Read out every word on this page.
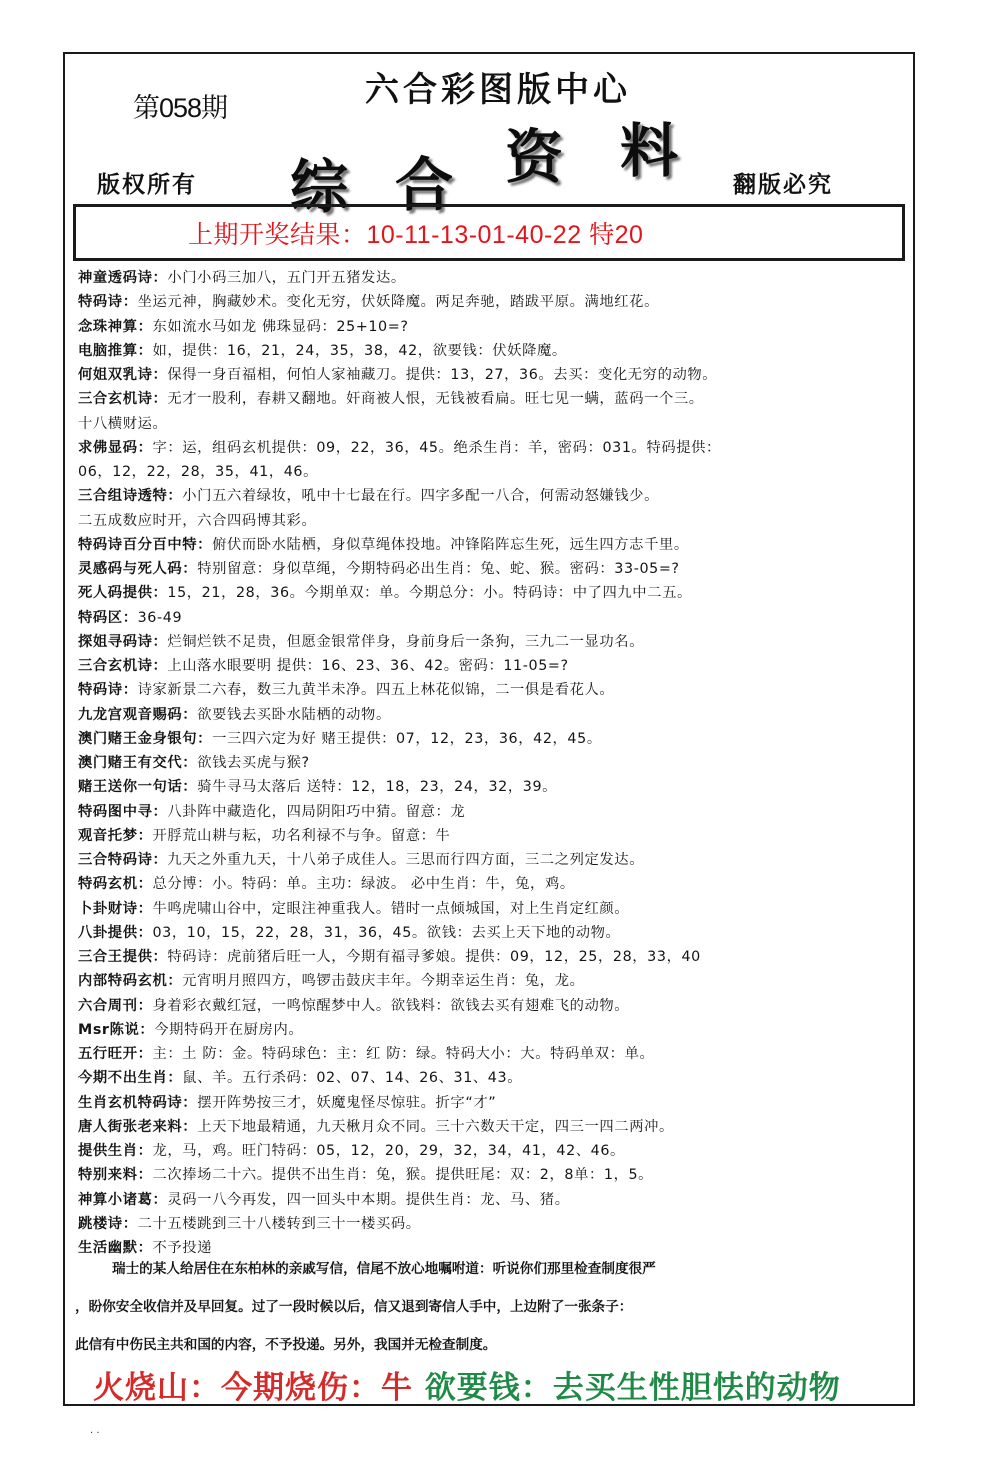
第058期	六合彩图版中心
综 合 资 料
版权所有	翻版必究
上期开奖结果：10-11-13-01-40-22 特20
神童透码诗：小门小码三加八，五门开五猪发达。
特码诗：坐运元神，胸藏妙术。变化无穷，伏妖降魔。两足奔驰，踏跋平原。满地红花。
念珠神算：东如流水马如龙 佛珠显码：25+10=?
电脑推算：如，提供：16，21，24，35，38，42，欲要钱：伏妖降魔。
何姐双乳诗：保得一身百福相，何怕人家袖藏刀。提供：13，27，36。去买：变化无穷的动物。
三合玄机诗：无才一股利，春耕又翻地。奸商被人恨，无钱被看扁。旺七见一螨，蓝码一个三。
十八横财运。
求佛显码：字：运，组码玄机提供：09，22，36，45。绝杀生肖：羊，密码：031。特码提供：
06，12，22，28，35，41，46。
三合组诗透特：小门五六着绿妆，吼中十七最在行。四字多配一八合，何需动怒嫌钱少。
二五成数应时开，六合四码博其彩。
特码诗百分百中特：俯伏而卧水陆栖，身似草绳体投地。冲锋陷阵忘生死，远生四方志千里。
灵感码与死人码：特别留意：身似草绳，今期特码必出生肖：兔、蛇、猴。密码：33-05=?
死人码提供：15，21，28，36。今期单双：单。今期总分：小。特码诗：中了四九中二五。
特码区：36-49
探姐寻码诗：烂铜烂铁不足贵，但愿金银常伴身，身前身后一条狗，三九二一显功名。
三合玄机诗：上山落水眼要明 提供：16、23、36、42。密码：11-05=?
特码诗：诗家新景二六春，数三九黄半未净。四五上林花似锦，二一俱是看花人。
九龙宫观音赐码：欲要钱去买卧水陆栖的动物。
澳门赌王金身银句：一三四六定为好 赌王提供：07，12，23，36，42，45。
澳门赌王有交代：欲钱去买虎与猴?
赌王送你一句话：骑牛寻马太落后 送特：12，18，23，24，32，39。
特码图中寻：八卦阵中藏造化，四局阴阳巧中猜。留意：龙
观音托梦：开脬荒山耕与耘，功名利禄不与争。留意：牛
三合特码诗：九天之外重九天，十八弟子成佳人。三思而行四方面，三二之列定发达。
特码玄机：总分博：小。特码：单。主功：绿波。 必中生肖：牛，兔，鸡。
卜卦财诗：牛鸣虎啸山谷中，定眼注神重我人。错时一点倾城国，对上生肖定红颜。
八卦提供：03，10，15，22，28，31，36，45。欲钱：去买上天下地的动物。
三合王提供：特码诗：虎前猪后旺一人，今期有福寻爹娘。提供：09，12，25，28，33，40
内部特码玄机：元宵明月照四方，鸣锣击鼓庆丰年。今期幸运生肖：兔，龙。
六合周刊：身着彩衣戴红冠，一鸣惊醒梦中人。欲钱料：欲钱去买有翅难飞的动物。
Msr陈说：今期特码开在厨房内。
五行旺开：主：土 防：金。特码球色：主：红 防：绿。特码大小：大。特码单双：单。
今期不出生肖：鼠、羊。五行杀码：02、07、14、26、31、43。
生肖玄机特码诗：摆开阵势按三才，妖魔鬼怪尽惊驻。折字“才”
唐人街张老来料：上天下地最精通，九天楸月众不同。三十六数天干定，四三一四二两冲。
提供生肖：龙，马，鸡。旺门特码：05，12，20，29，32，34，41，42、46。
特别来料：二次捧场二十六。提供不出生肖：兔，猴。提供旺尾：双：2，8单：1，5。
神算小诸葛：灵码一八今再发，四一回头中本期。提供生肖：龙、马、猪。
跳楼诗：二十五楼跳到三十八楼转到三十一楼买码。
生活幽默：不予投递
瑞士的某人给居住在东柏林的亲戚写信，信尾不放心地嘱咐道：听说你们那里检查制度很严
，盼你安全收信并及早回复。过了一段时候以后，信又退到寄信人手中，上边附了一张条子：
此信有中伤民主共和国的内容，不予投递。另外，我国并无检查制度。
火烧山：今期烧伤：牛 欲要钱：去买生性胆怯的动物
. .
